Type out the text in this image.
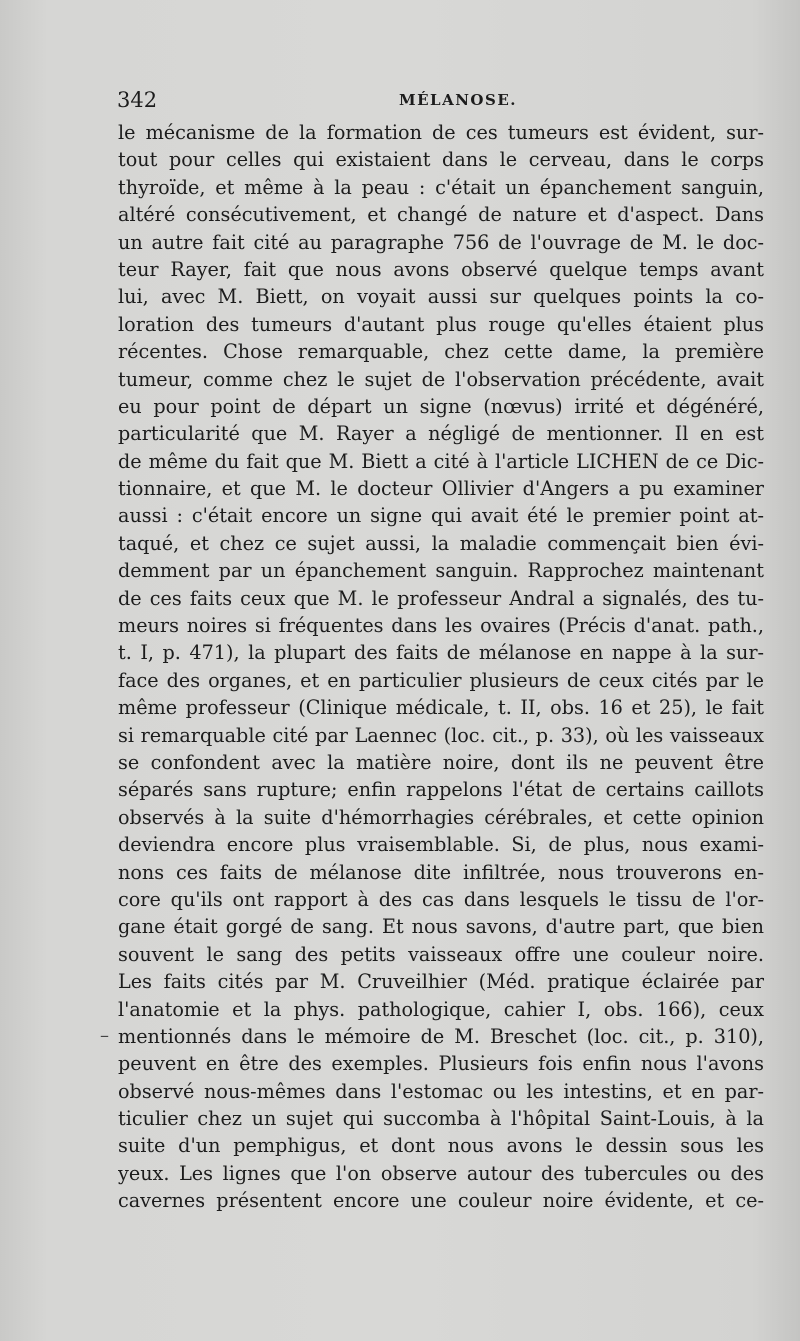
342	MÉLANOSE.
le mécanisme de la formation de ces tumeurs est évident, sur-
tout pour celles qui existaient dans le cerveau, dans le corps
thyroïde, et même à la peau : c'était un épanchement sanguin,
altéré consécutivement, et changé de nature et d'aspect. Dans
un autre fait cité au paragraphe 756 de l'ouvrage de M. le doc-
teur Rayer, fait que nous avons observé quelque temps avant
lui, avec M. Biett, on voyait aussi sur quelques points la co-
loration des tumeurs d'autant plus rouge qu'elles étaient plus
récentes. Chose remarquable, chez cette dame, la première
tumeur, comme chez le sujet de l'observation précédente, avait
eu pour point de départ un signe (nœvus) irrité et dégénéré,
particularité que M. Rayer a négligé de mentionner. Il en est
de même du fait que M. Biett a cité à l'article LICHEN de ce Dic-
tionnaire, et que M. le docteur Ollivier d'Angers a pu examiner
aussi : c'était encore un signe qui avait été le premier point at-
taqué, et chez ce sujet aussi, la maladie commençait bien évi-
demment par un épanchement sanguin. Rapprochez maintenant
de ces faits ceux que M. le professeur Andral a signalés, des tu-
meurs noires si fréquentes dans les ovaires (Précis d'anat. path.,
t. I, p. 471), la plupart des faits de mélanose en nappe à la sur-
face des organes, et en particulier plusieurs de ceux cités par le
même professeur (Clinique médicale, t. II, obs. 16 et 25), le fait
si remarquable cité par Laennec (loc. cit., p. 33), où les vaisseaux
se confondent avec la matière noire, dont ils ne peuvent être
séparés sans rupture; enfin rappelons l'état de certains caillots
observés à la suite d'hémorrhagies cérébrales, et cette opinion
deviendra encore plus vraisemblable. Si, de plus, nous exami-
nons ces faits de mélanose dite infiltrée, nous trouverons en-
core qu'ils ont rapport à des cas dans lesquels le tissu de l'or-
gane était gorgé de sang. Et nous savons, d'autre part, que bien
souvent le sang des petits vaisseaux offre une couleur noire.
Les faits cités par M. Cruveilhier (Méd. pratique éclairée par
l'anatomie et la phys. pathologique, cahier I, obs. 166), ceux
mentionnés dans le mémoire de M. Breschet (loc. cit., p. 310),
peuvent en être des exemples. Plusieurs fois enfin nous l'avons
observé nous-mêmes dans l'estomac ou les intestins, et en par-
ticulier chez un sujet qui succomba à l'hôpital Saint-Louis, à la
suite d'un pemphigus, et dont nous avons le dessin sous les
yeux. Les lignes que l'on observe autour des tubercules ou des
cavernes présentent encore une couleur noire évidente, et ce-
–
